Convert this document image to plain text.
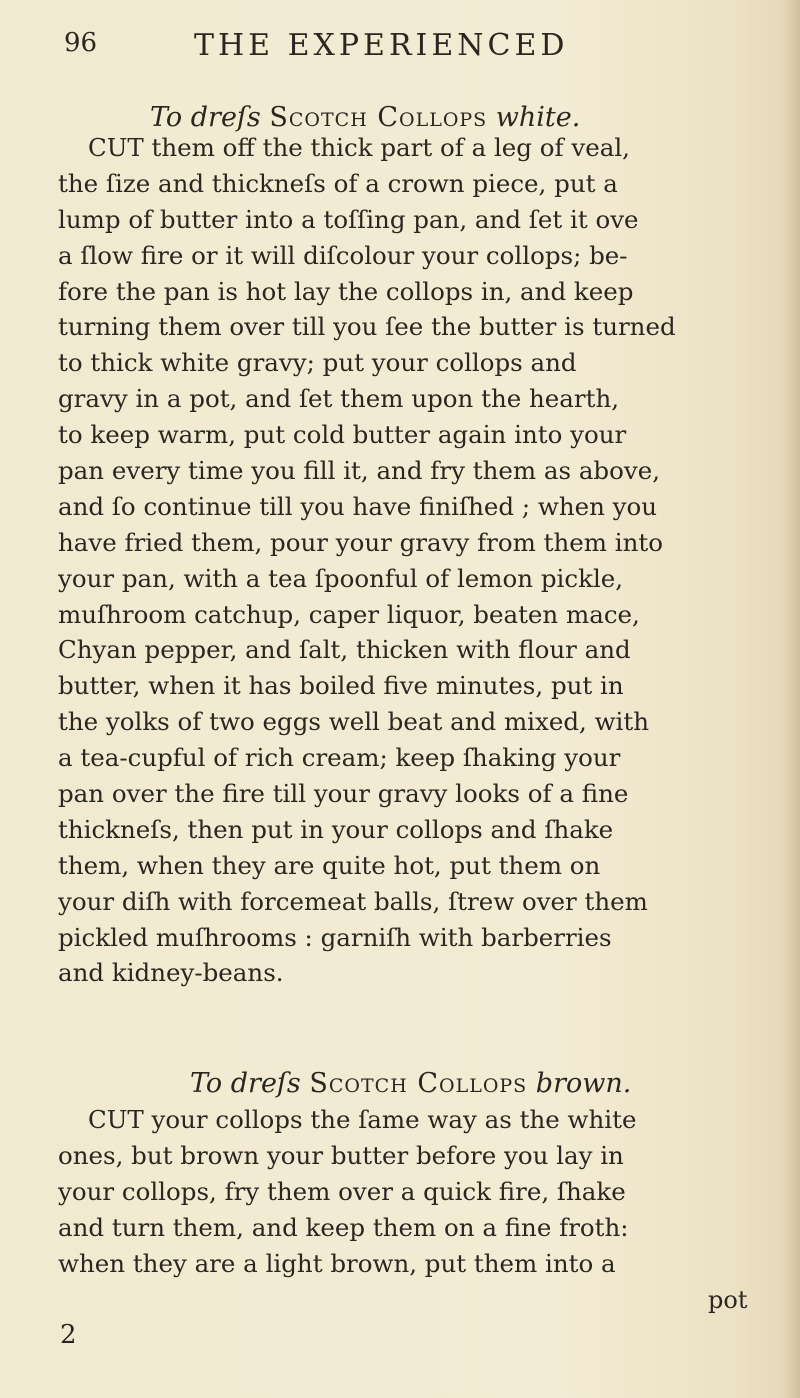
96	THE EXPERIENCED
To dreſs Scotch Collops white.
CUT them off the thick part of a leg of veal,
the ſize and thickneſs of a crown piece, put a
lump of butter into a toſſing pan, and ſet it ove
a ſlow fire or it will diſcolour your collops; be-
fore the pan is hot lay the collops in, and keep
turning them over till you ſee the butter is turned
to thick white gravy; put your collops and
gravy in a pot, and ſet them upon the hearth,
to keep warm, put cold butter again into your
pan every time you fill it, and fry them as above,
and ſo continue till you have finiſhed ; when you
have fried them, pour your gravy from them into
your pan, with a tea ſpoonful of lemon pickle,
muſhroom catchup, caper liquor, beaten mace,
Chyan pepper, and ſalt, thicken with flour and
butter, when it has boiled five minutes, put in
the yolks of two eggs well beat and mixed, with
a tea-cupful of rich cream; keep ſhaking your
pan over the fire till your gravy looks of a fine
thickneſs, then put in your collops and ſhake
them, when they are quite hot, put them on
your diſh with forcemeat balls, ſtrew over them
pickled muſhrooms : garniſh with barberries
and kidney-beans.
To dreſs Scotch Collops brown.
CUT your collops the ſame way as the white
ones, but brown your butter before you lay in
your collops, fry them over a quick fire, ſhake
and turn them, and keep them on a fine froth:
when they are a light brown, put them into a
pot
2
